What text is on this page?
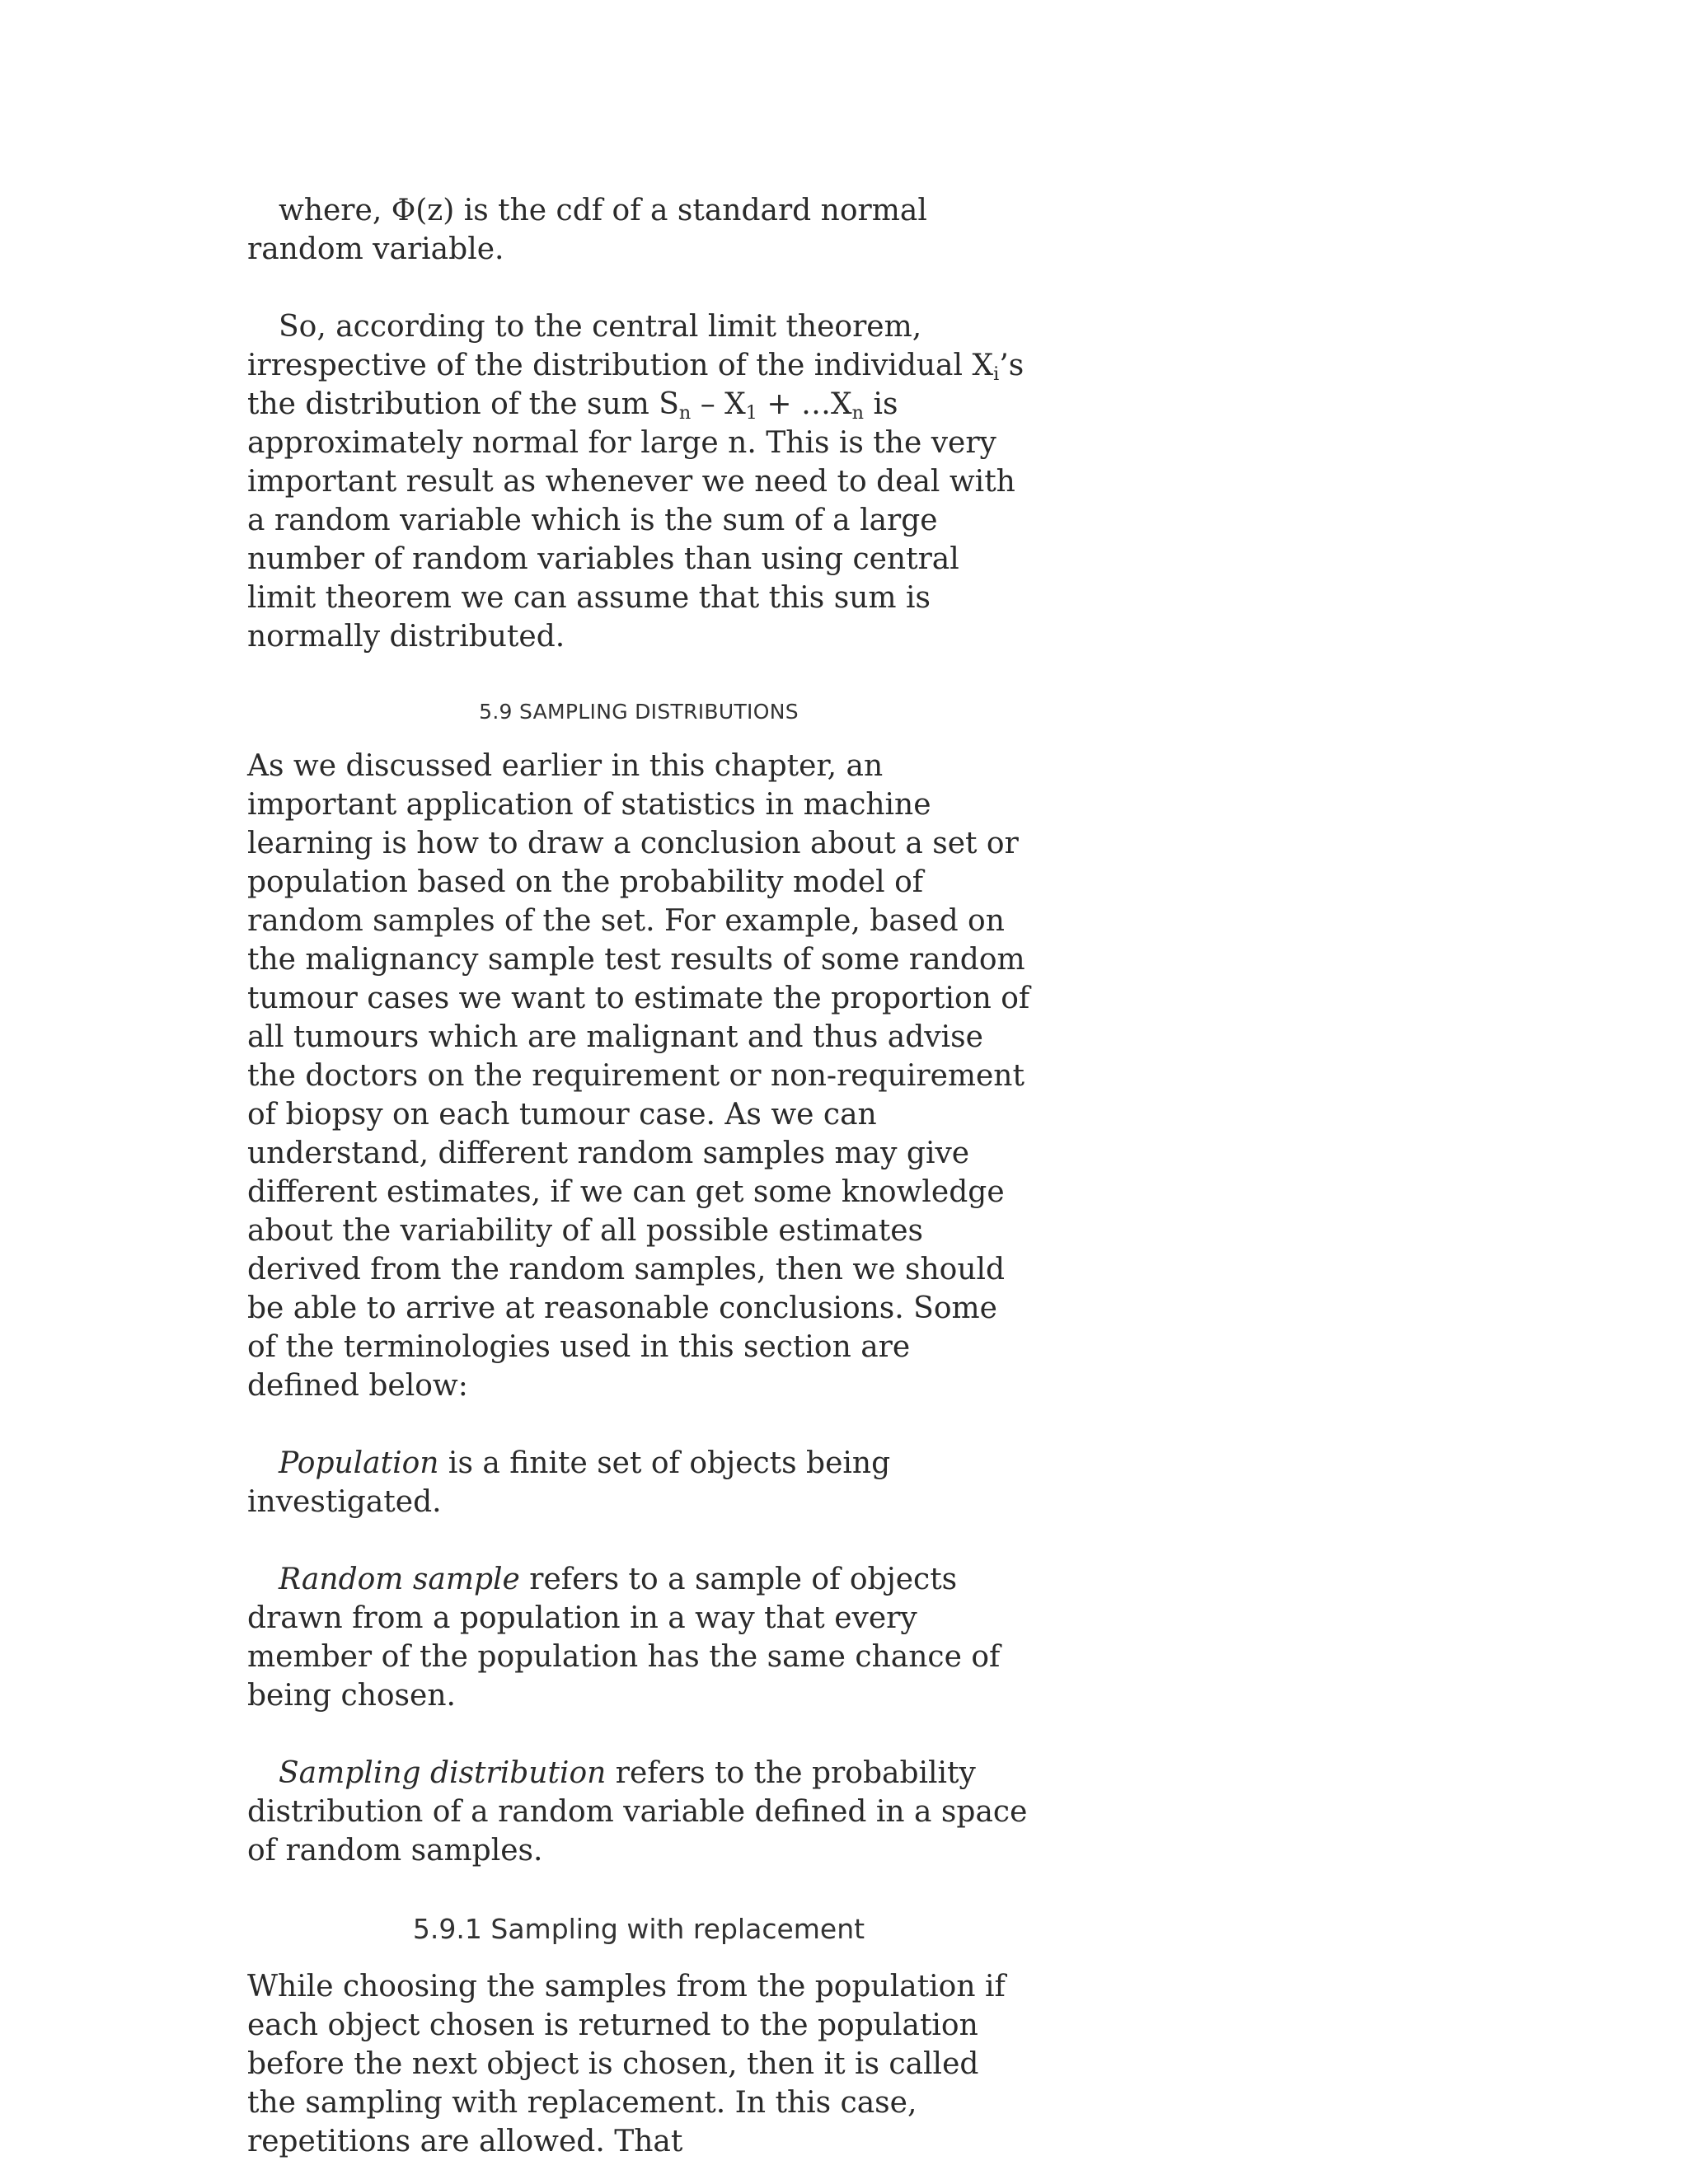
where, Φ(z) is the cdf of a standard normal random variable.

So, according to the central limit theorem, irrespective of the distribution of the individual $X_i’s$ the distribution of the sum $S_n - X_1$ + $\dots X_n$ is approximately normal for large n. This is the very important result as whenever we need to deal with a random variable which is the sum of a large number of random variables than using central limit theorem we can assume that this sum is normally distributed.

5.9 SAMPLING DISTRIBUTIONS

As we discussed earlier in this chapter, an important application of statistics in machine learning is how to draw a conclusion about a set or population based on the probability model of random samples of the set. For example, based on the malignancy sample test results of some random tumour cases we want to estimate the proportion of all tumours which are malignant and thus advise the doctors on the requirement or non-requirement of biopsy on each tumour case. As we can understand, different random samples may give different estimates, if we can get some knowledge about the variability of all possible estimates derived from the random samples, then we should be able to arrive at reasonable conclusions. Some of the terminologies used in this section are defined below:

Population is a finite set of objects being investigated.

Random sample refers to a sample of objects drawn from a population in a way that every member of the population has the same chance of being chosen.

Sampling distribution refers to the probability distribution of a random variable defined in a space of random samples.

5.9.1 Sampling with replacement

While choosing the samples from the population if each object chosen is returned to the population before the next object is chosen, then it is called the sampling with replacement. In this case, repetitions are allowed. That
